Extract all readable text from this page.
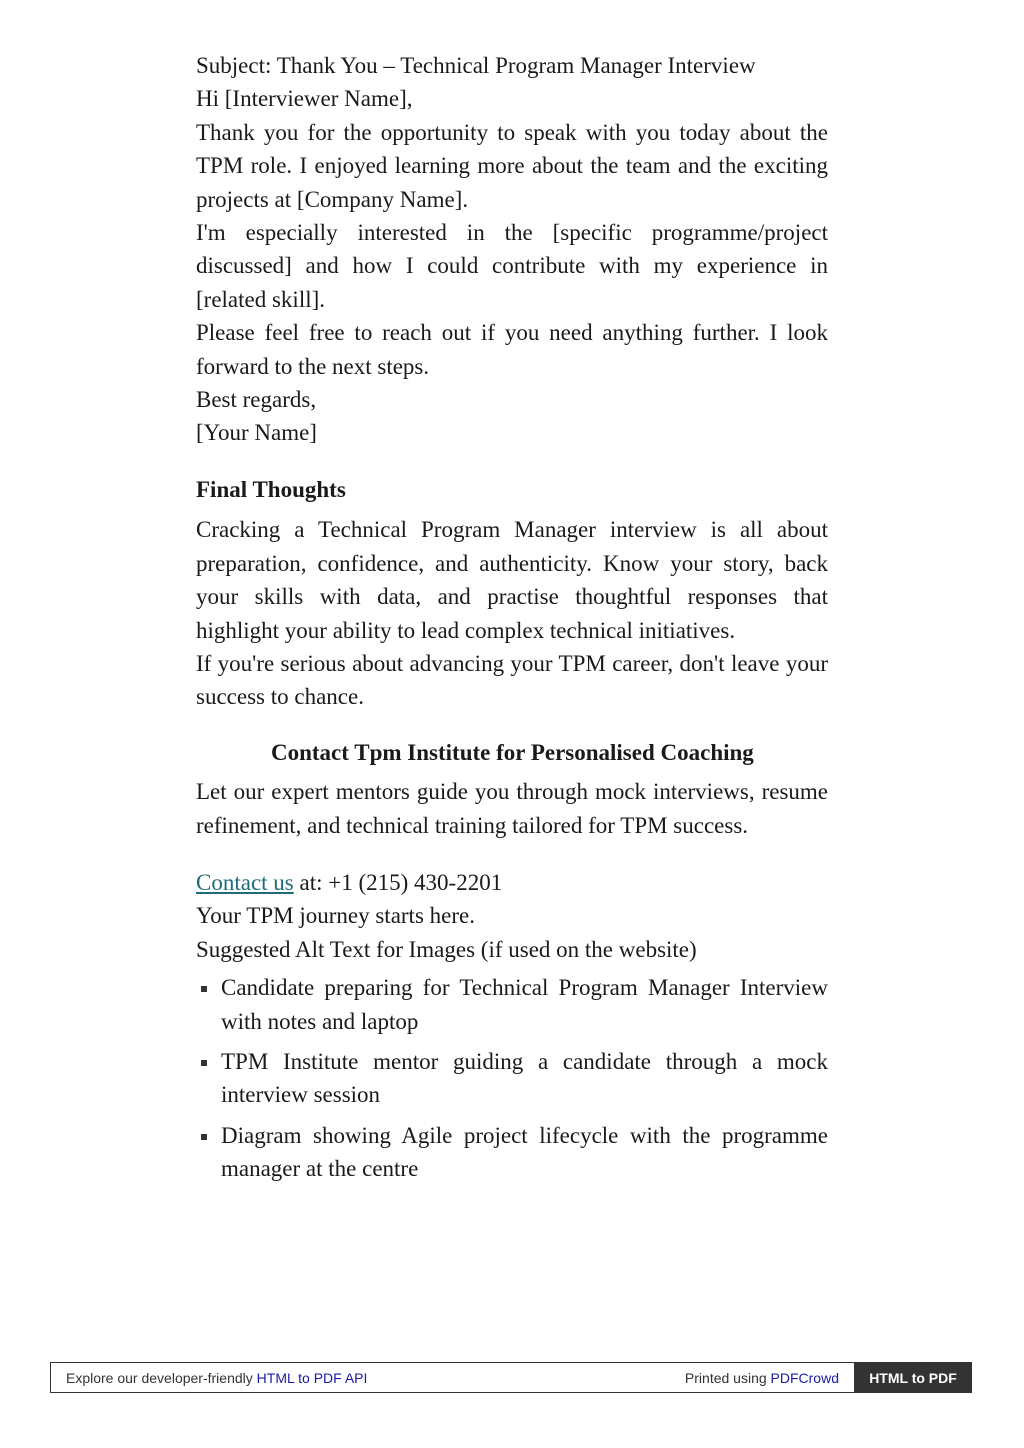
Subject: Thank You – Technical Program Manager Interview

Hi [Interviewer Name],

Thank you for the opportunity to speak with you today about the TPM role. I enjoyed learning more about the team and the exciting projects at [Company Name].

I'm especially interested in the [specific programme/project discussed] and how I could contribute with my experience in [related skill].

Please feel free to reach out if you need anything further. I look forward to the next steps.

Best regards,

[Your Name]

Final Thoughts

Cracking a Technical Program Manager interview is all about preparation, confidence, and authenticity. Know your story, back your skills with data, and practise thoughtful responses that highlight your ability to lead complex technical initiatives.

If you're serious about advancing your TPM career, don't leave your success to chance.

Contact Tpm Institute for Personalised Coaching

Let our expert mentors guide you through mock interviews, resume refinement, and technical training tailored for TPM success.

Contact us at: +1 (215) 430-2201

Your TPM journey starts here.

Suggested Alt Text for Images (if used on the website)

Candidate preparing for Technical Program Manager Interview with notes and laptop
TPM Institute mentor guiding a candidate through a mock interview session
Diagram showing Agile project lifecycle with the programme manager at the centre
Explore our developer-friendly HTML to PDF API	Printed using PDFCrowd	HTML to PDF
